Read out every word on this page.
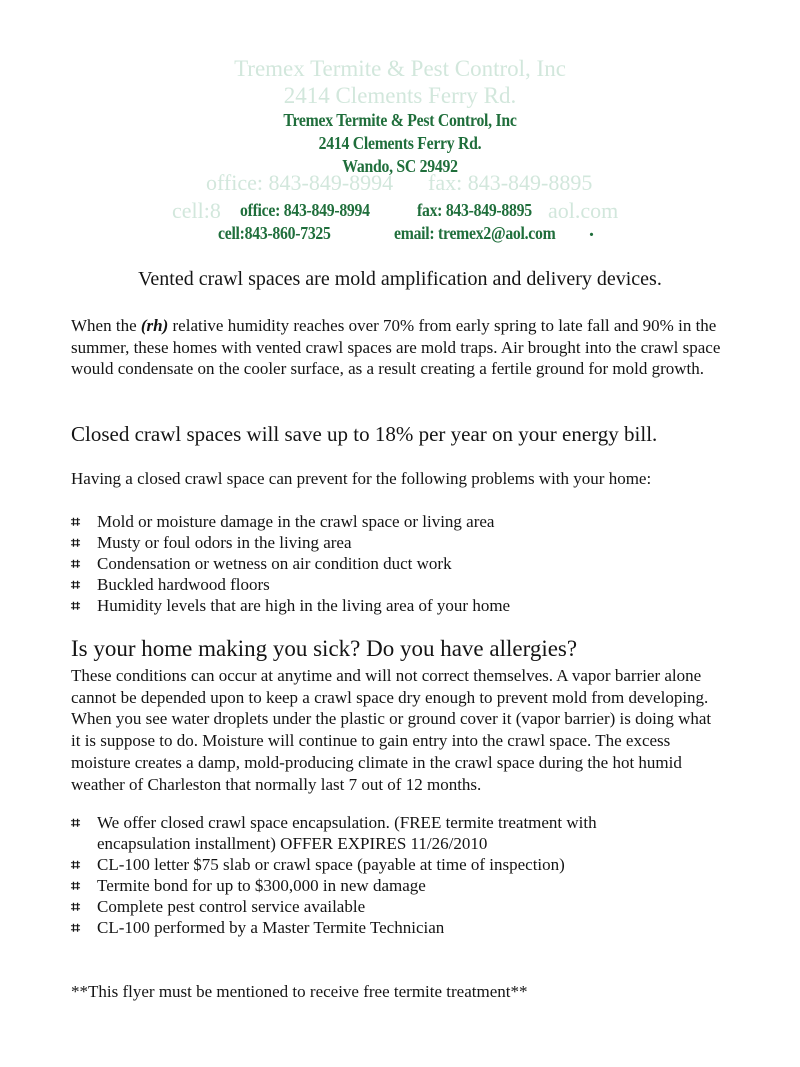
Tremex Termite & Pest Control, Inc

2414 Clements Ferry Rd.

office: 843-849-8994 fax: 843-849-8895

cell:8	aol.com

Tremex Termite & Pest Control, Inc

2414 Clements Ferry Rd.

Wando, SC 29492

office: 843-849-8994	fax: 843-849-8895

cell:843-860-7325	email: tremex2@aol.com .

Vented crawl spaces are mold amplification and delivery devices.

When the (rh) relative humidity reaches over 70% from early spring to late fall and 90% in the summer, these homes with vented crawl spaces are mold traps. Air brought into the crawl space would condensate on the cooler surface, as a result creating a fertile ground for mold growth.

Closed crawl spaces will save up to 18% per year on your energy bill.

Having a closed crawl space can prevent for the following problems with your home:

⌗ Mold or moisture damage in the crawl space or living area
⌗ Musty or foul odors in the living area
⌗ Condensation or wetness on air condition duct work
⌗ Buckled hardwood floors
⌗ Humidity levels that are high in the living area of your home

Is your home making you sick? Do you have allergies?

These conditions can occur at anytime and will not correct themselves. A vapor barrier alone cannot be depended upon to keep a crawl space dry enough to prevent mold from developing. When you see water droplets under the plastic or ground cover it (vapor barrier) is doing what it is suppose to do. Moisture will continue to gain entry into the crawl space. The excess moisture creates a damp, mold-producing climate in the crawl space during the hot humid weather of Charleston that normally last 7 out of 12 months.

⌗ We offer closed crawl space encapsulation. (FREE termite treatment with
encapsulation installment) OFFER EXPIRES 11/26/2010
⌗ CL-100 letter $75 slab or crawl space (payable at time of inspection)
⌗ Termite bond for up to $300,000 in new damage
⌗ Complete pest control service available
⌗ CL-100 performed by a Master Termite Technician

**This flyer must be mentioned to receive free termite treatment**
